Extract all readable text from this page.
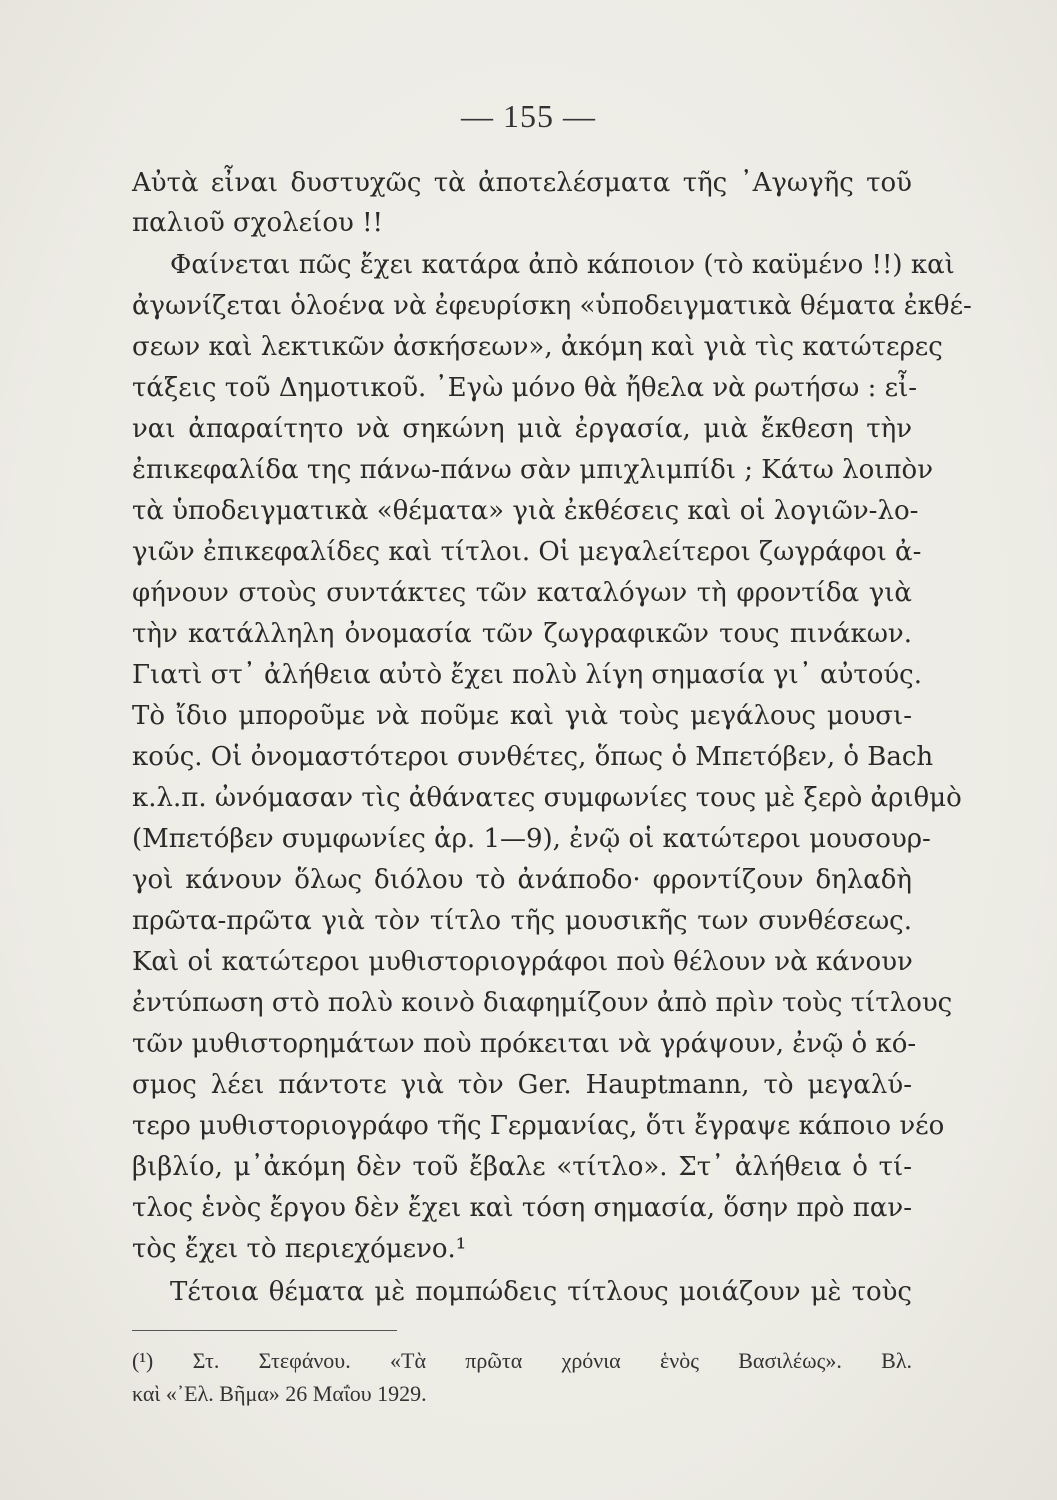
— 155 —
Αὐτὰ εἶναι δυστυχῶς τὰ ἀποτελέσματα τῆς ᾽Αγωγῆς τοῦ
παλιοῦ σχολείου !!
Φαίνεται πῶς ἔχει κατάρα ἀπὸ κάποιον (τὸ καϋμένο !!) καὶ
ἀγωνίζεται ὁλοένα νὰ ἐφευρίσκη «ὑποδειγματικὰ θέματα ἐκθέ-
σεων καὶ λεκτικῶν ἀσκήσεων», ἀκόμη καὶ γιὰ τὶς κατώτερες
τάξεις τοῦ Δημοτικοῦ. ᾽Εγὼ μόνο θὰ ἤθελα νὰ ρωτήσω : εἶ-
ναι ἀπαραίτητο νὰ σηκώνη μιὰ ἐργασία, μιὰ ἔκθεση τὴν
ἐπικεφαλίδα της πάνω-πάνω σὰν μπιχλιμπίδι ; Κάτω λοιπὸν
τὰ ὑποδειγματικὰ «θέματα» γιὰ ἐκθέσεις καὶ οἱ λογιῶν-λο-
γιῶν ἐπικεφαλίδες καὶ τίτλοι. Οἱ μεγαλείτεροι ζωγράφοι ἀ-
φήνουν στοὺς συντάκτες τῶν καταλόγων τὴ φροντίδα γιὰ
τὴν κατάλληλη ὀνομασία τῶν ζωγραφικῶν τους πινάκων.
Γιατὶ στ᾽ ἀλήθεια αὐτὸ ἔχει πολὺ λίγη σημασία γι᾽ αὐτούς.
Τὸ ἴδιο μποροῦμε νὰ ποῦμε καὶ γιὰ τοὺς μεγάλους μουσι-
κούς. Οἱ ὀνομαστότεροι συνθέτες, ὅπως ὁ Μπετόβεν, ὁ Bach
κ.λ.π. ὠνόμασαν τὶς ἀθάνατες συμφωνίες τους μὲ ξερὸ ἀριθμὸ
(Μπετόβεν συμφωνίες ἀρ. 1—9), ἐνῷ οἱ κατώτεροι μουσουρ-
γοὶ κάνουν ὅλως διόλου τὸ ἀνάποδο· φροντίζουν δηλαδὴ
πρῶτα-πρῶτα γιὰ τὸν τίτλο τῆς μουσικῆς των συνθέσεως.
Καὶ οἱ κατώτεροι μυθιστοριογράφοι ποὺ θέλουν νὰ κάνουν
ἐντύπωση στὸ πολὺ κοινὸ διαφημίζουν ἀπὸ πρὶν τοὺς τίτλους
τῶν μυθιστορημάτων ποὺ πρόκειται νὰ γράψουν, ἐνῷ ὁ κό-
σμος λέει πάντοτε γιὰ τὸν Ger. Hauptmann, τὸ μεγαλύ-
τερο μυθιστοριογράφο τῆς Γερμανίας, ὅτι ἔγραψε κάποιο νέο
βιβλίο, μ᾽ἀκόμη δὲν τοῦ ἔβαλε «τίτλο». Στ᾽ ἀλήθεια ὁ τί-
τλος ἑνὸς ἔργου δὲν ἔχει καὶ τόση σημασία, ὅσην πρὸ παν-
τὸς ἔχει τὸ περιεχόμενο.¹
Τέτοια θέματα μὲ πομπώδεις τίτλους μοιάζουν μὲ τοὺς
(¹) Στ. Στεφάνου. «Τὰ πρῶτα χρόνια ἑνὸς Βασιλέως». Βλ.
καὶ «᾽Ελ. Βῆμα» 26 Μαΐου 1929.
